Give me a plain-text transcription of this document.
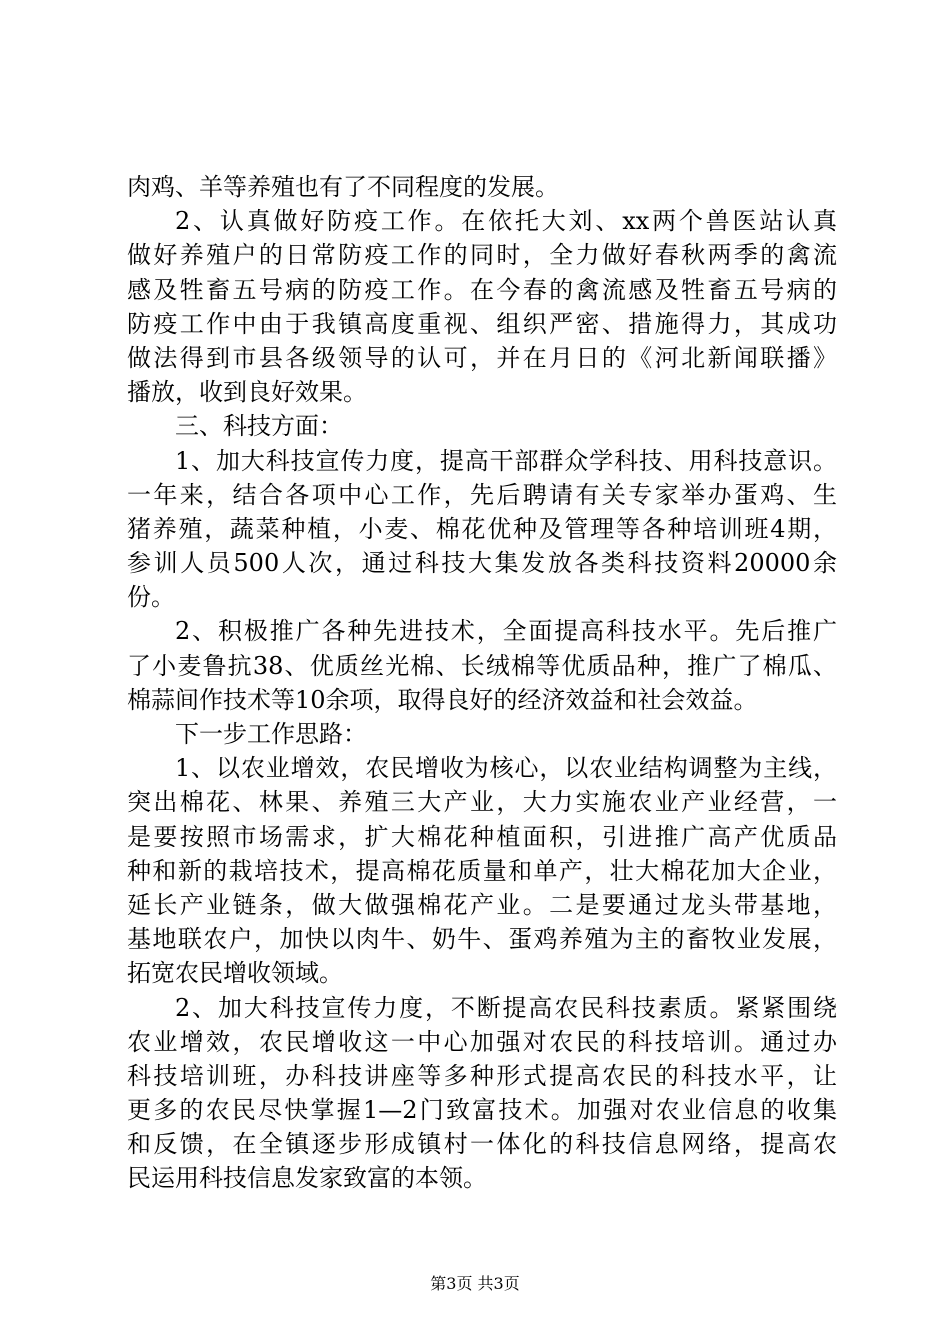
肉鸡、羊等养殖也有了不同程度的发展。
2、认真做好防疫工作。在依托大刘、xx两个兽医站认真
做好养殖户的日常防疫工作的同时，全力做好春秋两季的禽流
感及牲畜五号病的防疫工作。在今春的禽流感及牲畜五号病的
防疫工作中由于我镇高度重视、组织严密、措施得力，其成功
做法得到市县各级领导的认可，并在月日的《河北新闻联播》
播放，收到良好效果。
三、科技方面：
1、加大科技宣传力度，提高干部群众学科技、用科技意识。
一年来，结合各项中心工作，先后聘请有关专家举办蛋鸡、生
猪养殖，蔬菜种植，小麦、棉花优种及管理等各种培训班4期，
参训人员500人次，通过科技大集发放各类科技资料20000余
份。
2、积极推广各种先进技术，全面提高科技水平。先后推广
了小麦鲁抗38、优质丝光棉、长绒棉等优质品种，推广了棉瓜、
棉蒜间作技术等10余项，取得良好的经济效益和社会效益。
下一步工作思路：
1、以农业增效，农民增收为核心，以农业结构调整为主线，
突出棉花、林果、养殖三大产业，大力实施农业产业经营，一
是要按照市场需求，扩大棉花种植面积，引进推广高产优质品
种和新的栽培技术，提高棉花质量和单产，壮大棉花加大企业，
延长产业链条，做大做强棉花产业。二是要通过龙头带基地，
基地联农户，加快以肉牛、奶牛、蛋鸡养殖为主的畜牧业发展，
拓宽农民增收领域。
2、加大科技宣传力度，不断提高农民科技素质。紧紧围绕
农业增效，农民增收这一中心加强对农民的科技培训。通过办
科技培训班，办科技讲座等多种形式提高农民的科技水平，让
更多的农民尽快掌握1—2门致富技术。加强对农业信息的收集
和反馈，在全镇逐步形成镇村一体化的科技信息网络，提高农
民运用科技信息发家致富的本领。
第3页 共3页
